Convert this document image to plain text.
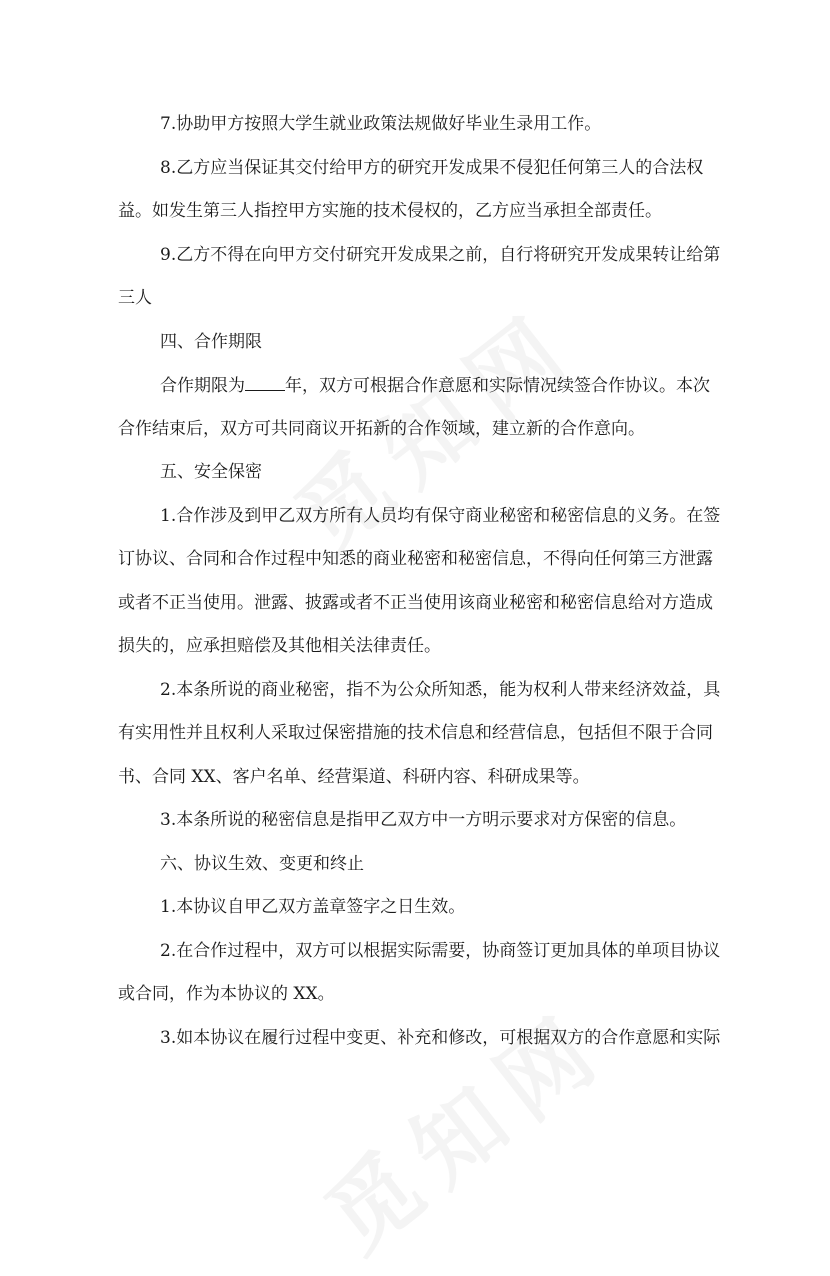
7.协助甲方按照大学生就业政策法规做好毕业生录用工作。
8.乙方应当保证其交付给甲方的研究开发成果不侵犯任何第三人的合法权
益。如发生第三人指控甲方实施的技术侵权的，乙方应当承担全部责任。
9.乙方不得在向甲方交付研究开发成果之前，自行将研究开发成果转让给第
三人
四、合作期限
合作期限为 年，双方可根据合作意愿和实际情况续签合作协议。本次
合作结束后，双方可共同商议开拓新的合作领域，建立新的合作意向。
五、安全保密
1.合作涉及到甲乙双方所有人员均有保守商业秘密和秘密信息的义务。在签
订协议、合同和合作过程中知悉的商业秘密和秘密信息，不得向任何第三方泄露
或者不正当使用。泄露、披露或者不正当使用该商业秘密和秘密信息给对方造成
损失的，应承担赔偿及其他相关法律责任。
2.本条所说的商业秘密，指不为公众所知悉，能为权利人带来经济效益，具
有实用性并且权利人采取过保密措施的技术信息和经营信息，包括但不限于合同
书、合同 XX、客户名单、经营渠道、科研内容、科研成果等。
3.本条所说的秘密信息是指甲乙双方中一方明示要求对方保密的信息。
六、协议生效、变更和终止
1.本协议自甲乙双方盖章签字之日生效。
2.在合作过程中，双方可以根据实际需要，协商签订更加具体的单项目协议
或合同，作为本协议的 XX。
3.如本协议在履行过程中变更、补充和修改，可根据双方的合作意愿和实际
